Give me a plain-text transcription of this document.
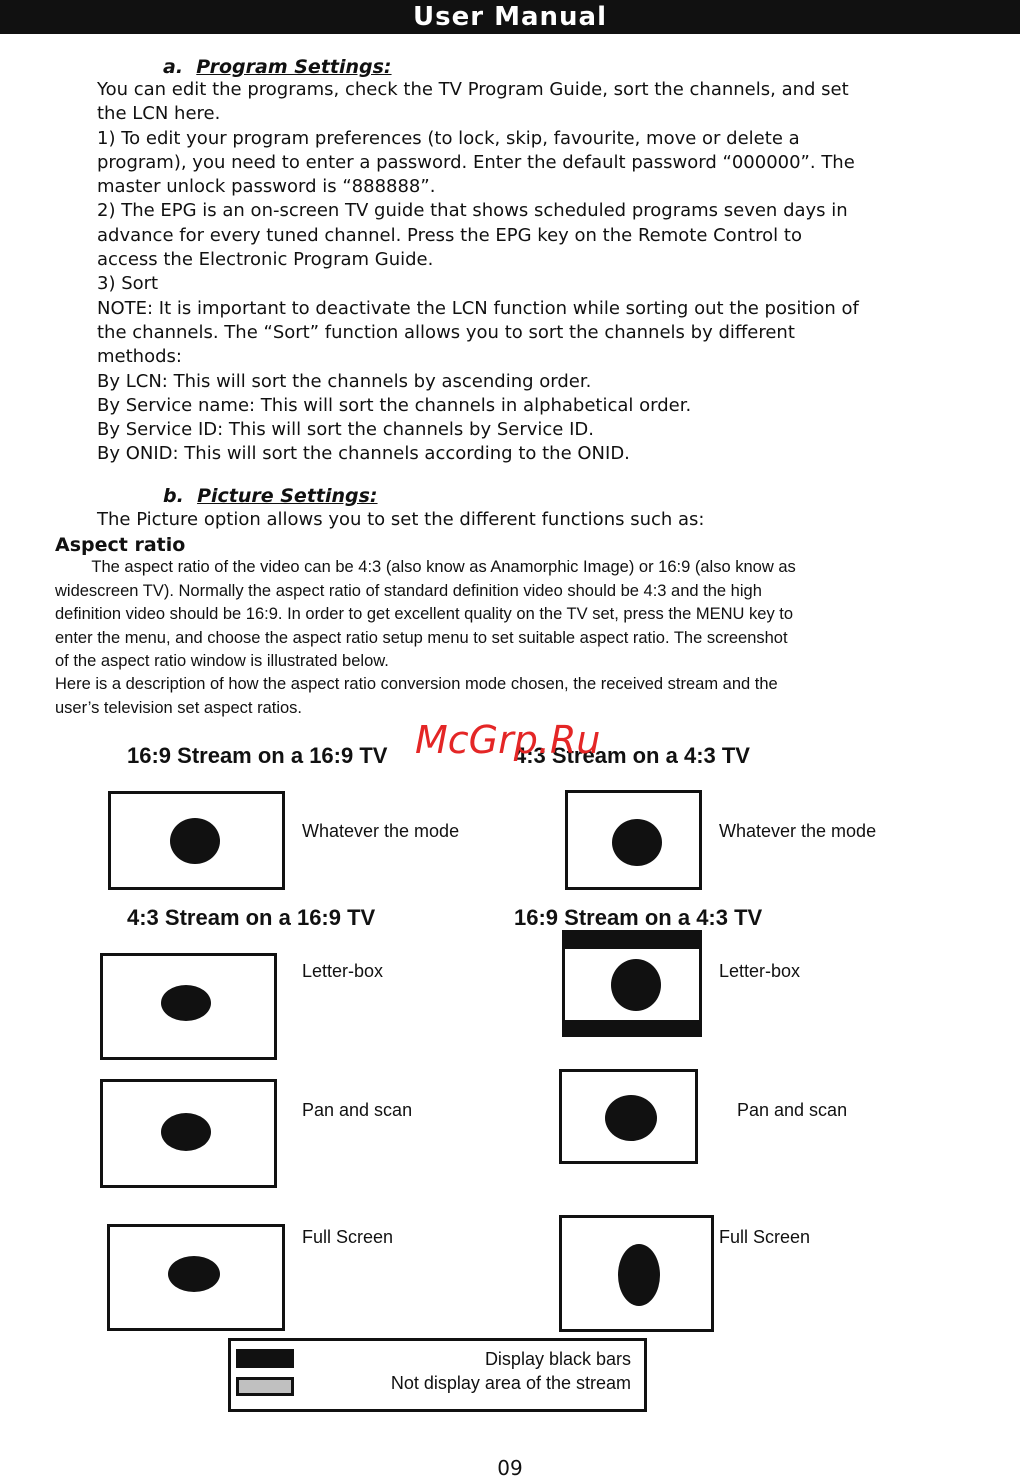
User Manual
a. Program Settings:
You can edit the programs, check the TV Program Guide, sort the channels, and set
the LCN here.
1) To edit your program preferences (to lock, skip, favourite, move or delete a
program), you need to enter a password. Enter the default password “000000”. The
master unlock password is “888888”.
2) The EPG is an on-screen TV guide that shows scheduled programs seven days in
advance for every tuned channel. Press the EPG key on the Remote Control to
access the Electronic Program Guide.
3) Sort
NOTE: It is important to deactivate the LCN function while sorting out the position of
the channels. The “Sort” function allows you to sort the channels by different
methods:
By LCN: This will sort the channels by ascending order.
By Service name: This will sort the channels in alphabetical order.
By Service ID: This will sort the channels by Service ID.
By ONID: This will sort the channels according to the ONID.
b. Picture Settings:
The Picture option allows you to set the different functions such as:
Aspect ratio
The aspect ratio of the video can be 4:3 (also know as Anamorphic Image) or 16:9 (also know as
widescreen TV). Normally the aspect ratio of standard definition video should be 4:3 and the high
definition video should be 16:9. In order to get excellent quality on the TV set, press the MENU key to
enter the menu, and choose the aspect ratio setup menu to set suitable aspect ratio. The screenshot
of the aspect ratio window is illustrated below.
Here is a description of how the aspect ratio conversion mode chosen, the received stream and the
user’s television set aspect ratios.
16:9 Stream on a 16:9 TV	4:3 Stream on a 4:3 TV
4:3 Stream on a 16:9 TV	16:9 Stream on a 4:3 TV
Whatever the mode	Whatever the mode
Letter-box	Letter-box
Pan and scan	Pan and scan
Full Screen	Full Screen
Display black bars
Not display area of the stream
McGrp.Ru
09
